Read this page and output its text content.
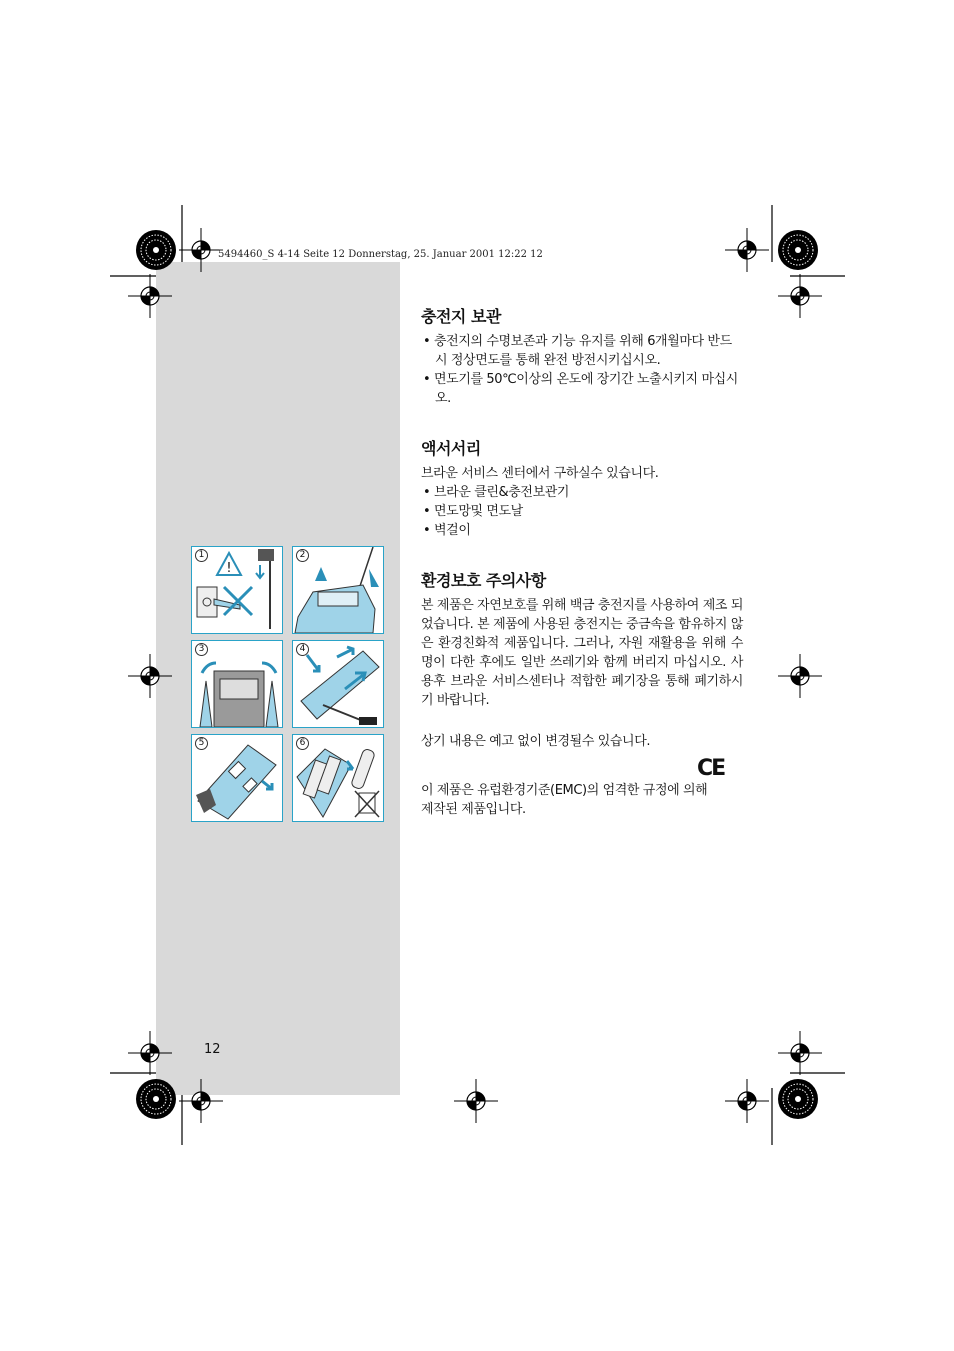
5494460_S 4-14 Seite 12 Donnerstag, 25. Januar 2001 12:22 12
1
!
2
3	4
5	6
충전지 보관

• 충전지의 수명보존과 기능 유지를 위해 6개월마다 반드시 정상면도를 통해 완전 방전시키십시오.

• 면도기를 50℃이상의 온도에 장기간 노출시키지 마십시오.

액서서리

브라운 서비스 센터에서 구하실수 있습니다.

• 브라운 클린&충전보관기

• 면도망및 면도날

• 벽걸이

환경보호 주의사항

본 제품은 자연보호를 위해 백금 충전지를 사용하여 제조 되었습니다. 본 제품에 사용된 충전지는 중금속을 함유하지 않은 환경친화적 제품입니다. 그러나, 자원 재활용을 위해 수명이 다한 후에도 일반 쓰레기와 함께 버리지 마십시오. 사용후 브라운 서비스센터나 적합한 폐기장을 통해 폐기하시기 바랍니다.

상기 내용은 예고 없이 변경될수 있습니다.

이 제품은 유럽환경기준(EMC)의 엄격한 규정에 의해 제작된 제품입니다.

CE
12
